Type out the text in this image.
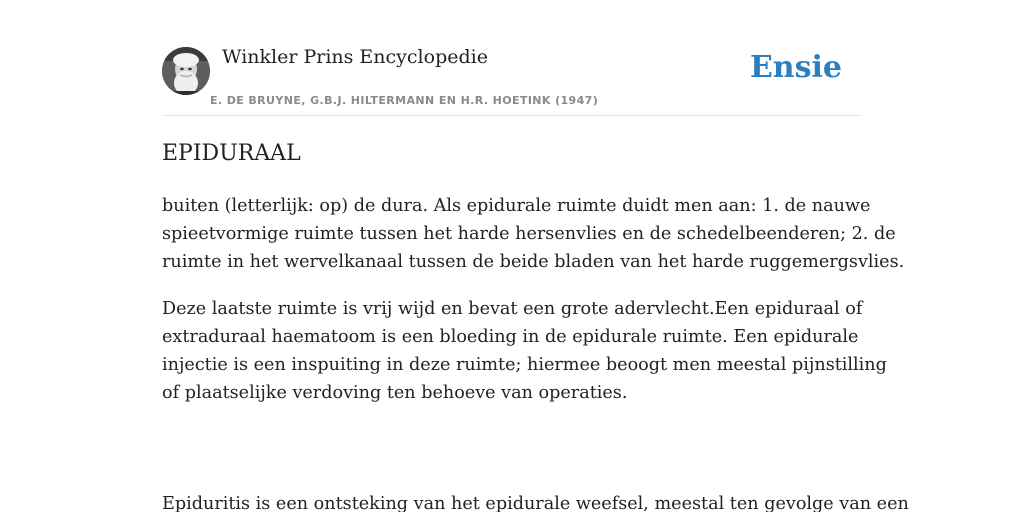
Winkler Prins Encyclopedie
E. DE BRUYNE, G.B.J. HILTERMANN EN H.R. HOETINK (1947)
Ensie
EPIDURAAL

buiten (letterlijk: op) de dura. Als epidurale ruimte duidt men aan: 1. de nauwe
spieetvormige ruimte tussen het harde hersenvlies en de schedelbeenderen; 2. de
ruimte in het wervelkanaal tussen de beide bladen van het harde ruggemergsvlies.

Deze laatste ruimte is vrij wijd en bevat een grote adervlecht.Een epiduraal of
extraduraal haematoom is een bloeding in de epidurale ruimte. Een epidurale
injectie is een inspuiting in deze ruimte; hiermee beoogt men meestal pijnstilling
of plaatselijke verdoving ten behoeve van operaties.

Epiduritis is een ontsteking van het epidurale weefsel, meestal ten gevolge van een
